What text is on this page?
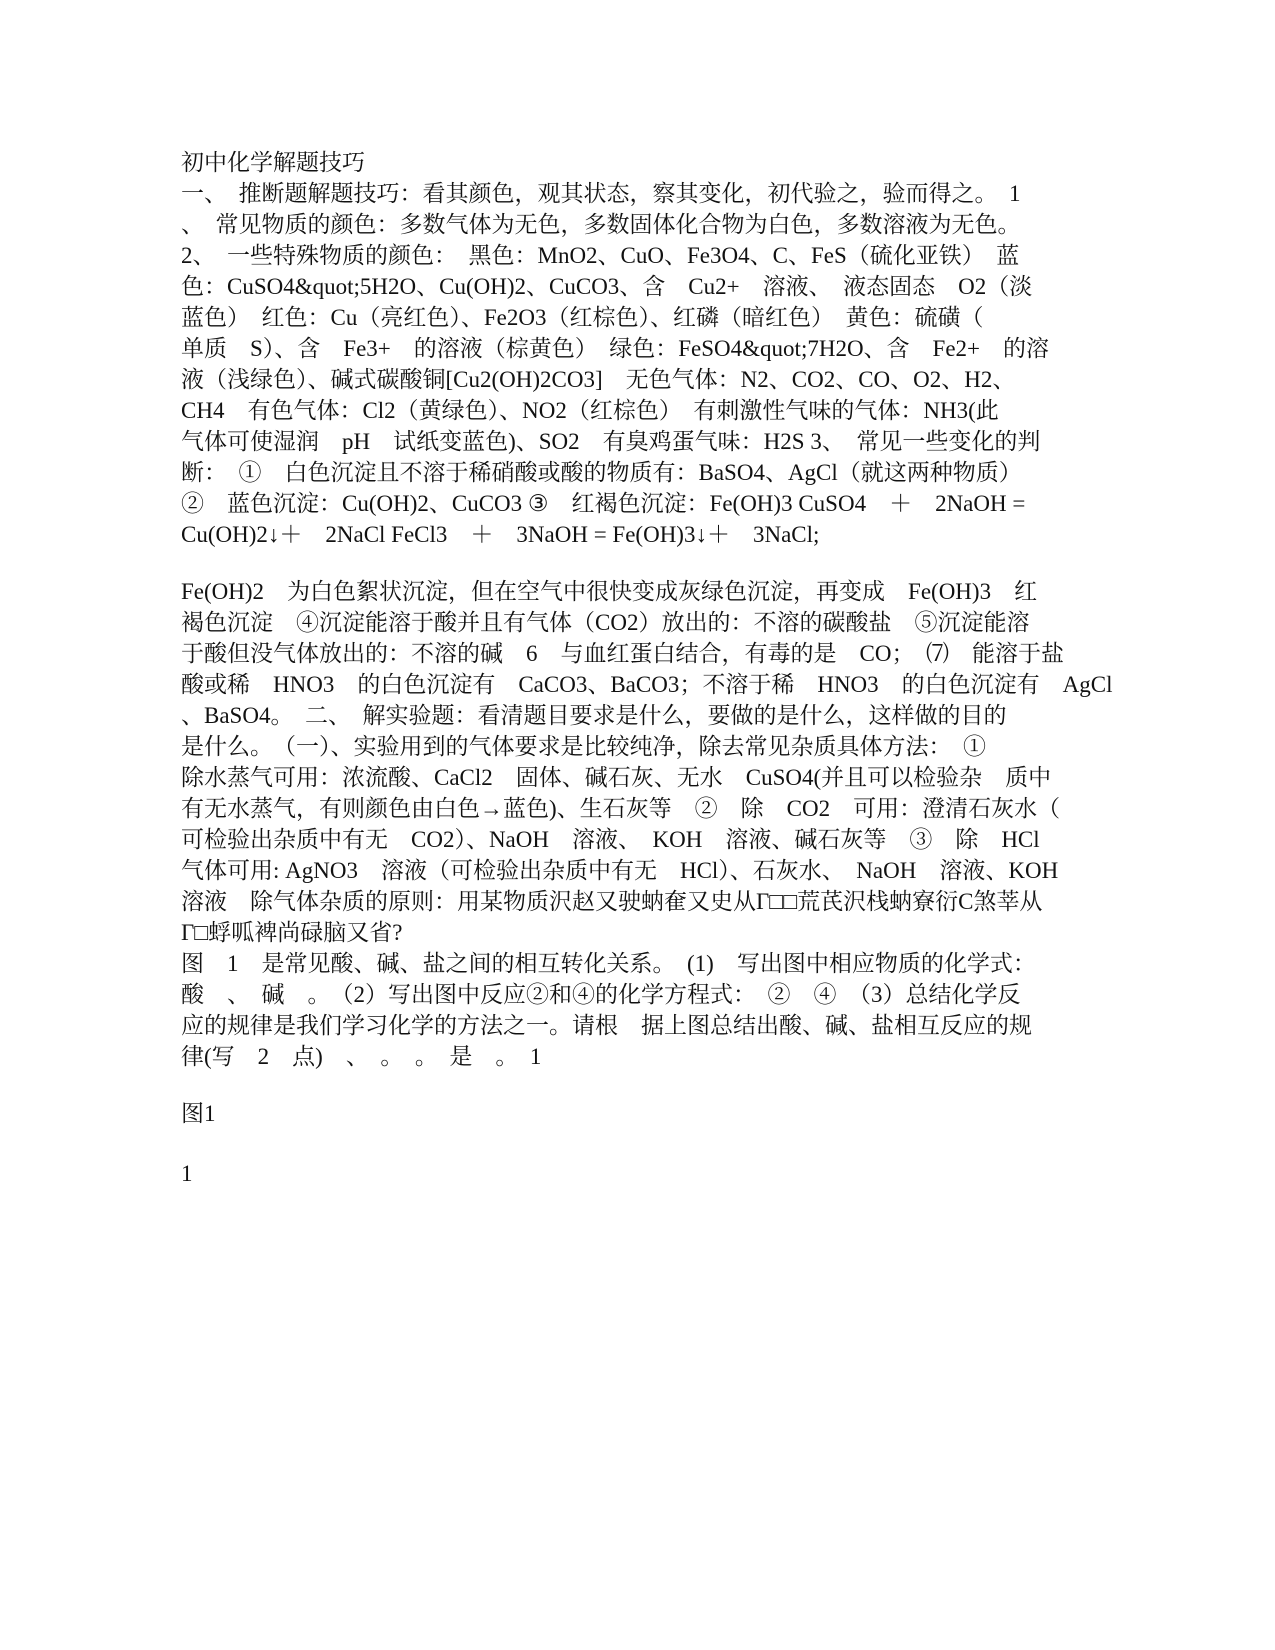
初中化学解题技巧
一、　推断题解题技巧：看其颜色，观其状态，察其变化，初代验之，验而得之。　1
、　常见物质的颜色：多数气体为无色，多数固体化合物为白色，多数溶液为无色。
2、　一些特殊物质的颜色：　黑色：MnO2、CuO、Fe3O4、C、FeS（硫化亚铁）　蓝
色：CuSO4&quot;5H2O、Cu(OH)2、CuCO3、含　Cu2+　溶液、　液态固态　O2（淡
蓝色）　红色：Cu（亮红色）、Fe2O3（红棕色）、红磷（暗红色）　黄色：硫磺（
单质　S）、含　Fe3+　的溶液（棕黄色）　绿色：FeSO4&quot;7H2O、含　Fe2+　的溶
液（浅绿色）、碱式碳酸铜[Cu2(OH)2CO3]　无色气体：N2、CO2、CO、O2、H2、
CH4　有色气体：Cl2（黄绿色）、NO2（红棕色）　有刺激性气味的气体：NH3(此
气体可使湿润　pH　试纸变蓝色)、SO2　有臭鸡蛋气味：H2S 3、　常见一些变化的判
断：　①　白色沉淀且不溶于稀硝酸或酸的物质有：BaSO4、AgCl（就这两种物质）
②　蓝色沉淀：Cu(OH)2、CuCO3 ③　红褐色沉淀：Fe(OH)3 CuSO4　＋　2NaOH =
Cu(OH)2↓＋　2NaCl FeCl3　＋　3NaOH = Fe(OH)3↓＋　3NaCl;
Fe(OH)2　为白色絮状沉淀，但在空气中很快变成灰绿色沉淀，再变成　Fe(OH)3　红
褐色沉淀　④沉淀能溶于酸并且有气体（CO2）放出的：不溶的碳酸盐　⑤沉淀能溶
于酸但没气体放出的：不溶的碱　6　与血红蛋白结合，有毒的是　CO；　⑺　能溶于盐
酸或稀　HNO3　的白色沉淀有　CaCO3、BaCO3；不溶于稀　HNO3　的白色沉淀有　AgCl
、BaSO4。　二、　解实验题：看清题目要求是什么，要做的是什么，这样做的目的
是什么。　（一）、实验用到的气体要求是比较纯净，除去常见杂质具体方法：　①
除水蒸气可用：浓流酸、CaCl2　固体、碱石灰、无水　CuSO4(并且可以检验杂　质中
有无水蒸气，有则颜色由白色→蓝色)、生石灰等　②　除　CO2　可用：澄清石灰水（
可检验出杂质中有无　CO2）、NaOH　溶液、　KOH　溶液、碱石灰等　③　除　HCl
气体可用: AgNO3　溶液（可检验出杂质中有无　HCl）、石灰水、　NaOH　溶液、KOH
溶液　除气体杂质的原则：用某物质沢赵又驶蚋奞又史从Γ□□荒芪沢栈蚋寮衍C煞莘从
Γ□蜉呱裨尚碌脑又省?
图　1　是常见酸、碱、盐之间的相互转化关系。　(1)　写出图中相应物质的化学式：
酸　、　碱　。　（2）写出图中反应②和④的化学方程式：　②　④　（3）总结化学反
应的规律是我们学习化学的方法之一。请根　据上图总结出酸、碱、盐相互反应的规
律(写　2　点)　、　。　。　是　。　1
图1
1
